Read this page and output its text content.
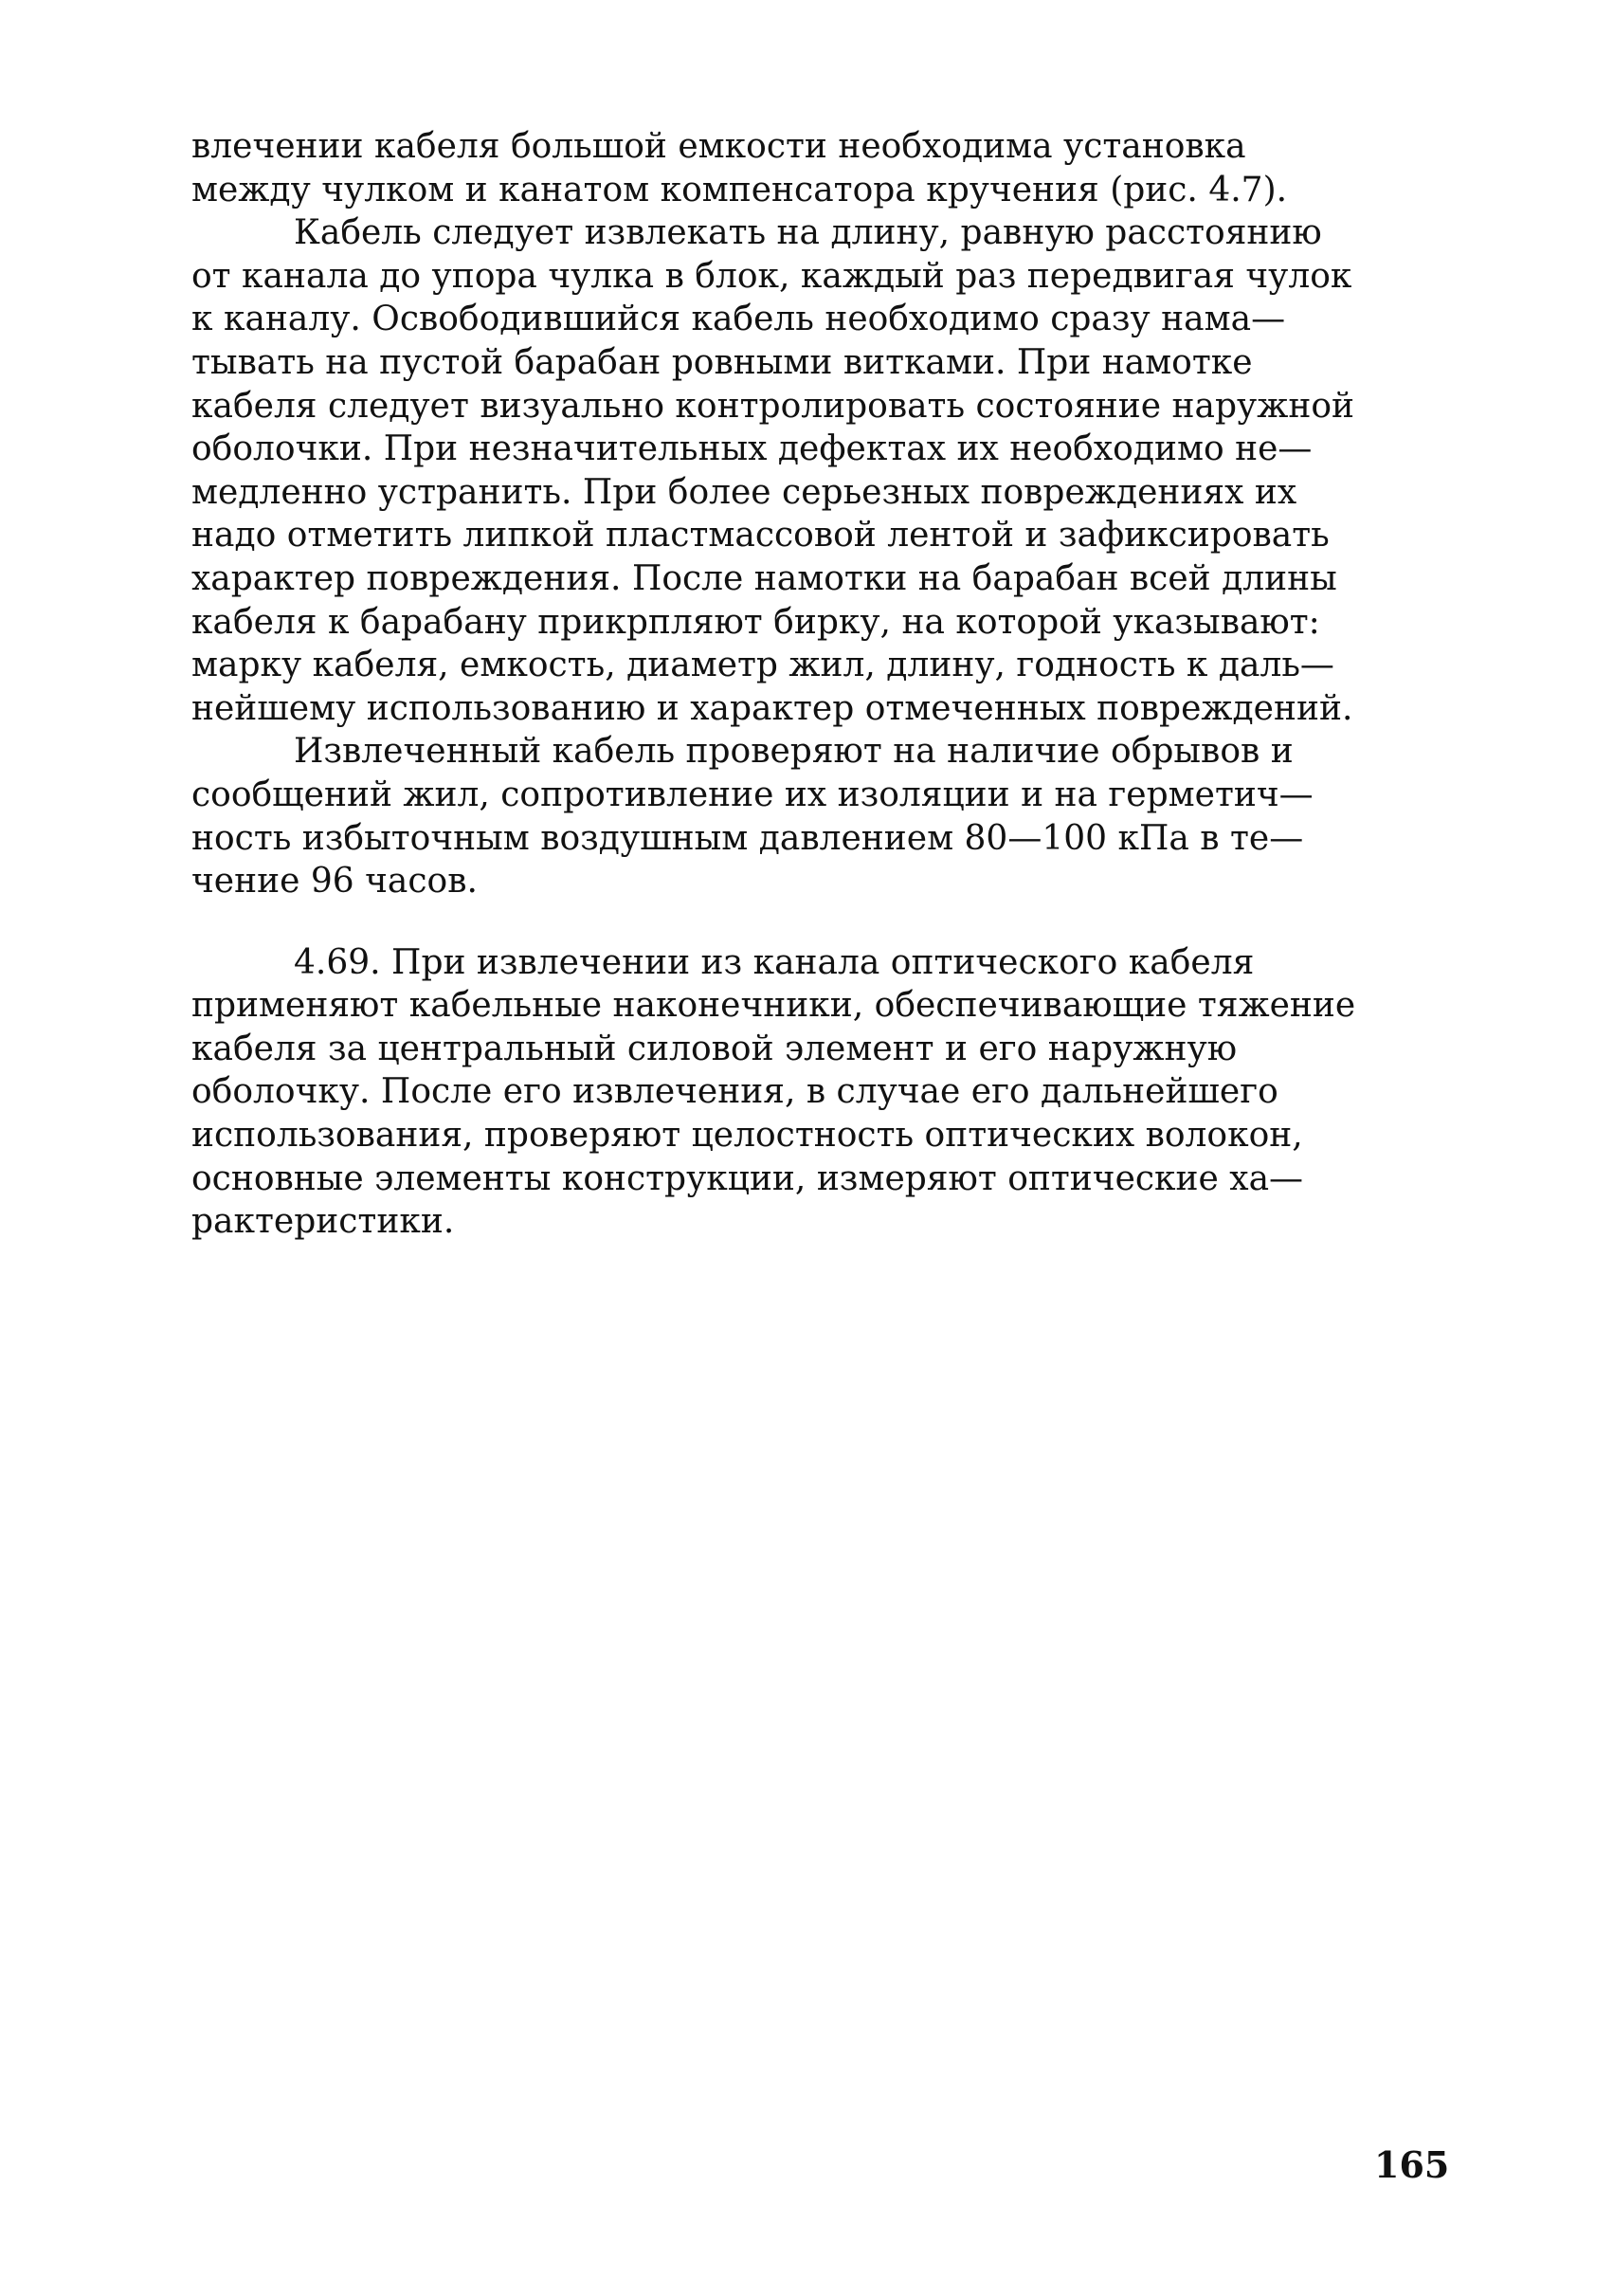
влечении кабеля большой емкости необходима установка
между чулком и канатом компенсатора кручения (рис. 4.7).

Кабель следует извлекать на длину, равную расстоянию
от канала до упора чулка в блок, каждый раз передвигая чулок
к каналу. Освободившийся кабель необходимо сразу нама—
тывать на пустой барабан ровными витками. При намотке
кабеля следует визуально контролировать состояние наружной
оболочки. При незначительных дефектах их необходимо не—
медленно устранить. При более серьезных повреждениях их
надо отметить липкой пластмассовой лентой и зафиксировать
характер повреждения. После намотки на барабан всей длины
кабеля к барабану прикрпляют бирку, на которой указывают:
марку кабеля, емкость, диаметр жил, длину, годность к даль—
нейшему использованию и характер отмеченных повреждений.

Извлеченный кабель проверяют на наличие обрывов и
сообщений жил, сопротивление их изоляции и на герметич—
ность избыточным воздушным давлением 80—100 кПа в те—
чение 96 часов.

4.69. При извлечении из канала оптического кабеля
применяют кабельные наконечники, обеспечивающие тяжение
кабеля за центральный силовой элемент и его наружную
оболочку. После его извлечения, в случае его дальнейшего
использования, проверяют целостность оптических волокон,
основные элементы конструкции, измеряют оптические ха—
рактеристики.

165
